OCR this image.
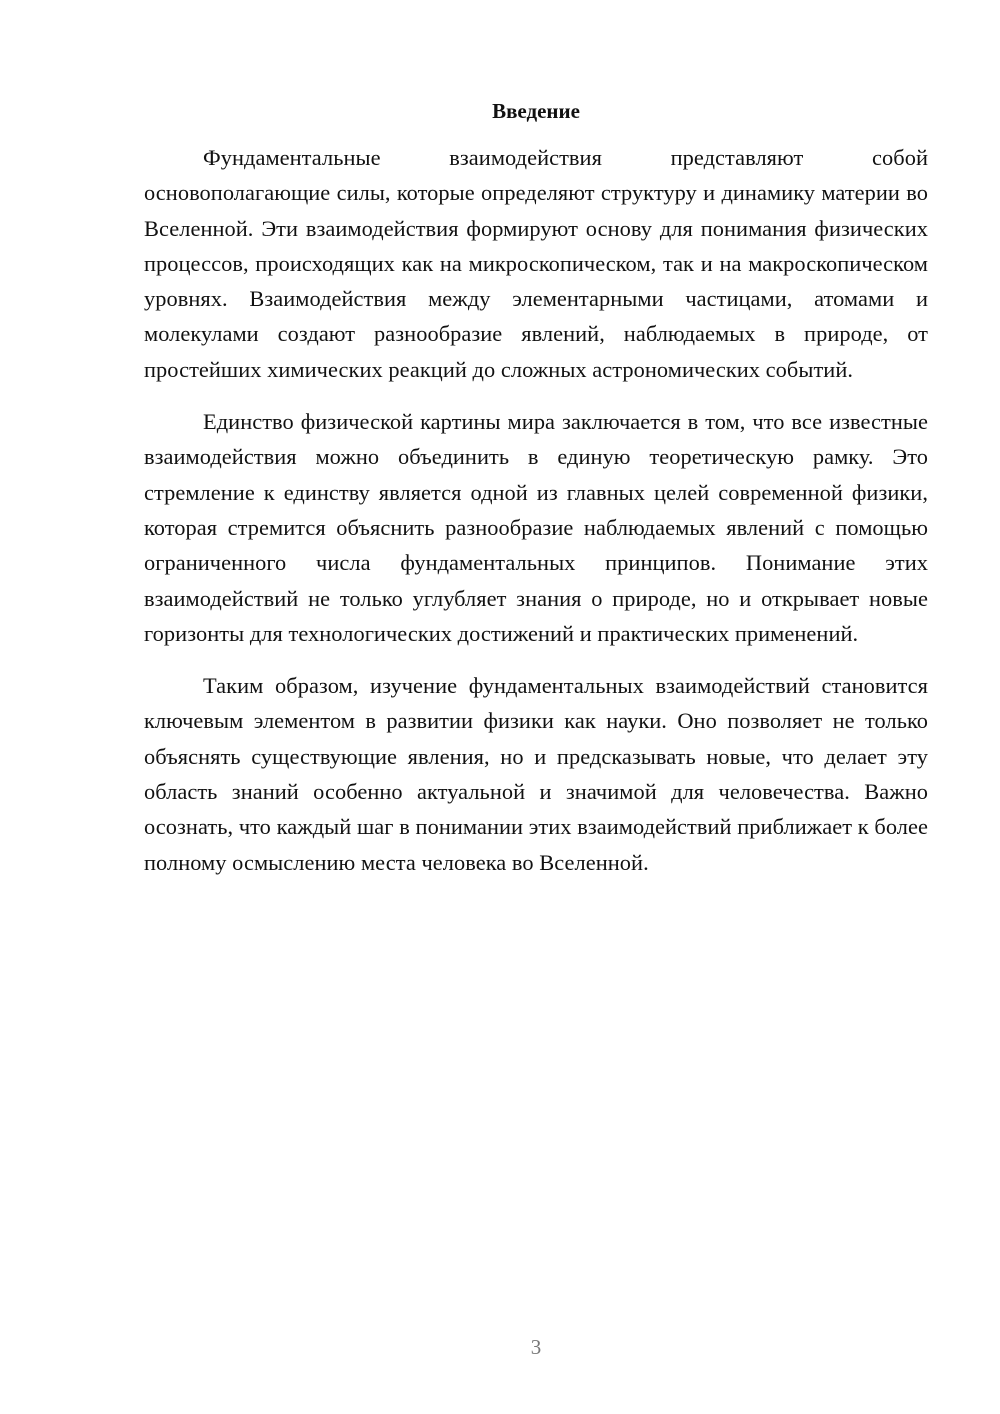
Введение

Фундаментальные взаимодействия представляют собой основополагающие силы, которые определяют структуру и динамику материи во Вселенной. Эти взаимодействия формируют основу для понимания физических процессов, происходящих как на микроскопическом, так и на макроскопическом уровнях. Взаимодействия между элементарными частицами, атомами и молекулами создают разнообразие явлений, наблюдаемых в природе, от простейших химических реакций до сложных астрономических событий.

Единство физической картины мира заключается в том, что все известные взаимодействия можно объединить в единую теоретическую рамку. Это стремление к единству является одной из главных целей современной физики, которая стремится объяснить разнообразие наблюдаемых явлений с помощью ограниченного числа фундаментальных принципов. Понимание этих взаимодействий не только углубляет знания о природе, но и открывает новые горизонты для технологических достижений и практических применений.

Таким образом, изучение фундаментальных взаимодействий становится ключевым элементом в развитии физики как науки. Оно позволяет не только объяснять существующие явления, но и предсказывать новые, что делает эту область знаний особенно актуальной и значимой для человечества. Важно осознать, что каждый шаг в понимании этих взаимодействий приближает к более полному осмыслению места человека во Вселенной.

3
